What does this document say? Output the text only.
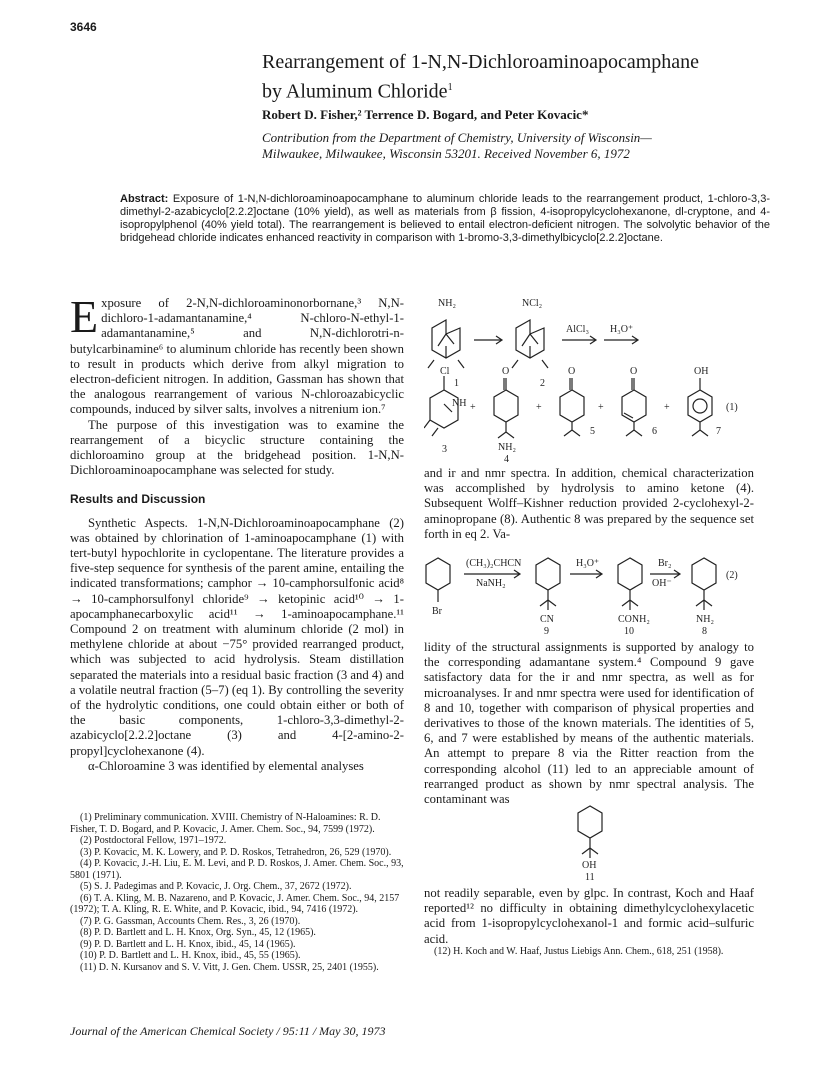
3646
Rearrangement of 1-N,N-Dichloroaminoapocamphane
by Aluminum Chloride$^1$
Robert D. Fisher,² Terrence D. Bogard, and Peter Kovacic*
Contribution from the Department of Chemistry, University of Wisconsin—
Milwaukee, Milwaukee, Wisconsin 53201. Received November 6, 1972
Abstract: Exposure of 1-N,N-dichloroaminoapocamphane to aluminum chloride leads to the rearrangement product, 1-chloro-3,3-dimethyl-2-azabicyclo[2.2.2]octane (10% yield), as well as materials from β fission, 4-isopropylcyclohexanone, dl-cryptone, and 4-isopropylphenol (40% yield total). The rearrangement is believed to entail electron-deficient nitrogen. The solvolytic behavior of the bridgehead chloride indicates enhanced reactivity in comparison with 1-bromo-3,3-dimethylbicyclo[2.2.2]octane.

Exposure of 2-N,N-dichloroaminonorbornane,³ N,N-dichloro-1-adamantanamine,⁴ N-chloro-N-ethyl-1-adamantanamine,⁵ and N,N-dichlorotri-n-butylcarbinamine⁶ to aluminum chloride has recently been shown to result in products which derive from alkyl migration to electron-deficient nitrogen. In addition, Gassman has shown that the analogous rearrangement of various N-chloroazabicyclic compounds, induced by silver salts, involves a nitrenium ion.⁷

The purpose of this investigation was to examine the rearrangement of a bicyclic structure containing the dichloroamino group at the bridgehead position. 1-N,N-Dichloroaminoapocamphane was selected for study.

Results and Discussion

Synthetic Aspects. 1-N,N-Dichloroaminoapocamphane (2) was obtained by chlorination of 1-aminoapocamphane (1) with tert-butyl hypochlorite in cyclopentane. The literature provides a five-step sequence for synthesis of the parent amine, entailing the indicated transformations; camphor → 10-camphorsulfonic acid⁸ → 10-camphorsulfonyl chloride⁹ → ketopinic acid¹⁰ → 1-apocamphanecarboxylic acid¹¹ → 1-aminoapocamphane.¹¹ Compound 2 on treatment with aluminum chloride (2 mol) in methylene chloride at about −75° provided rearranged product, which was subjected to acid hydrolysis. Steam distillation separated the materials into a residual basic fraction (3 and 4) and a volatile neutral fraction (5–7) (eq 1). By controlling the severity of the hydrolytic conditions, one could obtain either or both of the basic components, 1-chloro-3,3-dimethyl-2-azabicyclo[2.2.2]octane (3) and 4-[2-amino-2-propyl]cyclohexanone (4).

α-Chloroamine 3 was identified by elemental analyses

(1) Preliminary communication. XVIII. Chemistry of N-Haloamines: R. D. Fisher, T. D. Bogard, and P. Kovacic, J. Amer. Chem. Soc., 94, 7599 (1972).
(2) Postdoctoral Fellow, 1971–1972.
(3) P. Kovacic, M. K. Lowery, and P. D. Roskos, Tetrahedron, 26, 529 (1970).
(4) P. Kovacic, J.-H. Liu, E. M. Levi, and P. D. Roskos, J. Amer. Chem. Soc., 93, 5801 (1971).
(5) S. J. Padegimas and P. Kovacic, J. Org. Chem., 37, 2672 (1972).
(6) T. A. Kling, M. B. Nazareno, and P. Kovacic, J. Amer. Chem. Soc., 94, 2157 (1972); T. A. Kling, R. E. White, and P. Kovacic, ibid., 94, 7416 (1972).
(7) P. G. Gassman, Accounts Chem. Res., 3, 26 (1970).
(8) P. D. Bartlett and L. H. Knox, Org. Syn., 45, 12 (1965).
(9) P. D. Bartlett and L. H. Knox, ibid., 45, 14 (1965).
(10) P. D. Bartlett and L. H. Knox, ibid., 45, 55 (1965).
(11) D. N. Kursanov and S. V. Vitt, J. Gen. Chem. USSR, 25, 2401 (1955).
NH₂	NCl₂
AlCl₃ H₃O⁺
1	2
Cl
NH +	+	+	+
O	O	O	OH
NH₂
3
4
5	6	7
(1)
and ir and nmr spectra. In addition, chemical characterization was accomplished by hydrolysis to amino ketone (4). Subsequent Wolff–Kishner reduction provided 2-cyclohexyl-2-aminopropane (8). Authentic 8 was prepared by the sequence set forth in eq 2. Va-
(CH₃)₂CHCN
NaNH₂
H₃O⁺	Br₂
OH⁻
Br
CN	CONH₂	NH₂
9	10	8
(2)
lidity of the structural assignments is supported by analogy to the corresponding adamantane system.⁴ Compound 9 gave satisfactory data for the ir and nmr spectra, as well as for microanalyses. Ir and nmr spectra were used for identification of 8 and 10, together with comparison of physical properties and derivatives to those of the known materials. The identities of 5, 6, and 7 were established by means of the authentic materials. An attempt to prepare 8 via the Ritter reaction from the corresponding alcohol (11) led to an appreciable amount of rearranged product as shown by nmr spectral analysis. The contaminant was
OH
11
not readily separable, even by glpc. In contrast, Koch and Haaf reported¹² no difficulty in obtaining dimethylcyclohexylacetic acid from 1-isopropylcyclohexanol-1 and formic acid–sulfuric acid.
(12) H. Koch and W. Haaf, Justus Liebigs Ann. Chem., 618, 251 (1958).
Journal of the American Chemical Society / 95:11 / May 30, 1973
